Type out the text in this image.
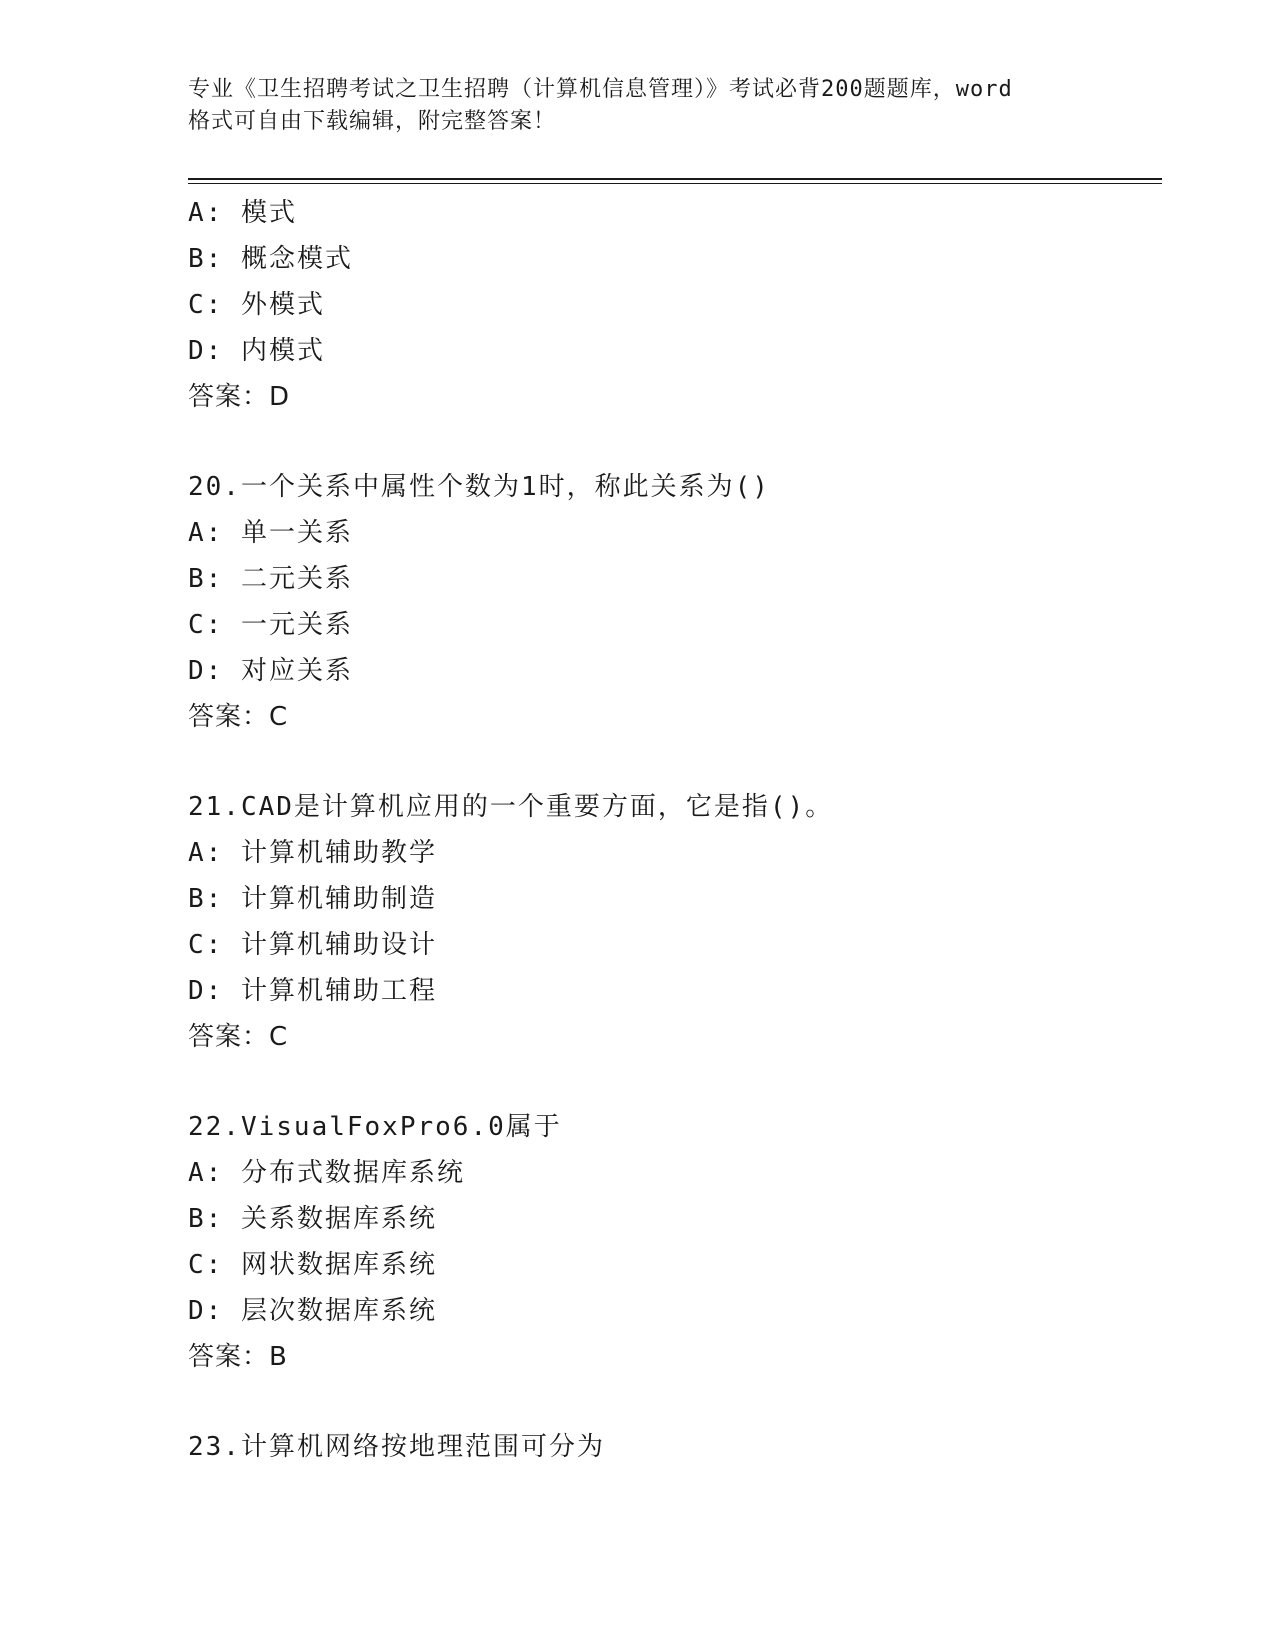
专业《卫生招聘考试之卫生招聘（计算机信息管理）》考试必背200题题库，word
格式可自由下载编辑，附完整答案！
A: 模式
B: 概念模式
C: 外模式
D: 内模式
答案：D
20.一个关系中属性个数为1时，称此关系为()
A: 单一关系
B: 二元关系
C: 一元关系
D: 对应关系
答案：C
21.CAD是计算机应用的一个重要方面，它是指()。
A: 计算机辅助教学
B: 计算机辅助制造
C: 计算机辅助设计
D: 计算机辅助工程
答案：C
22.VisualFoxPro6.0属于
A: 分布式数据库系统
B: 关系数据库系统
C: 网状数据库系统
D: 层次数据库系统
答案：B
23.计算机网络按地理范围可分为
